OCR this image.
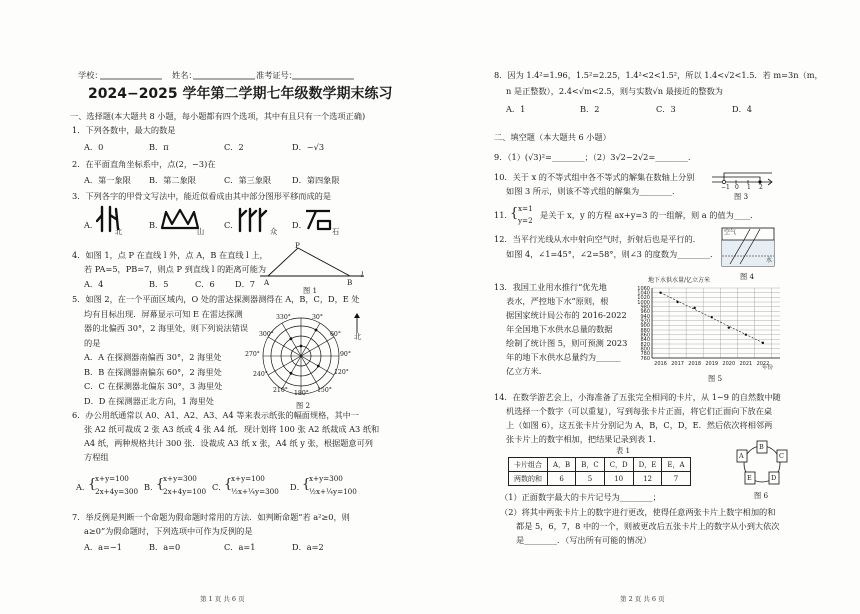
学校：	姓名：	准考证号：
2024−2025 学年第二学期七年级数学期末练习
一、选择题(本大题共 8 小题，每小题都有四个选项，其中有且只有一个选项正确)
1．下列各数中，最大的数是
A．0	B．π	C．2	D．−√3
2．在平面直角坐标系中，点(2，−3)在
A．第一象限 B．第二象限	C．第三象限	D．第四象限
3．下列各字的甲骨文写法中，能近似看成由其中部分图形平移而成的是
A．
北
B．
山
C．
众
D．
石
4．如图 1，点 P 在直线 l 外，点 A，B 在直线 l 上，
若 PA=5，PB=7，则点 P 到直线 l 的距离可能为
A．4	B．5	C．6 D．7
P
A	B
l
图 1
5．如图 2，在一个平面区域内，O 处的雷达探测器测得在 A，B，C，D，E 处
均有目标出现．屏幕显示可知 E 在雷达探测
器的北偏西 30°，2 海里处，则下列说法错误
的是
A．A 在探测器南偏西 30°，2 海里处
B．B 在探测器南偏东 60°，2 海里处
C．C 在探测器北偏东 30°，3 海里处
D．D 在探测器正北方向，1 海里处
330°	30°
60°
300°
270°	90°
240°	120°
210° 180° 150°
北
图 2
6．办公用纸通常以 A0、A1、A2、A3、A4 等来表示纸张的幅面规格，其中一
张 A2 纸可裁成 2 张 A3 纸或 4 张 A4 纸．现计划将 100 张 A2 纸裁成 A3 纸和
A4 纸，两种规格共计 300 张．设裁成 A3 纸 x 张，A4 纸 y 张，根据题意可列
方程组
A．
{
x+y=100
2x+4y=300 B．
{
x+y=300
2x+4y=100 C．
{
x+y=100
½x+¼y=300 D．
{
x+y=300
½x+¼y=100
7．举反例是判断一个命题为假命题时常用的方法．如判断命题“若 a²≥0，则
a≥0”为假命题时，下列选项中可作为反例的是
A．a=−1	B．a=0	C．a=1	D．a=2
第 1 页 共 6 页
8．因为 1.4²=1.96，1.5²=2.25，1.4²<2<1.5²，所以 1.4<√2<1.5．若 m=3n（m，
n 是正整数），2.4<√m<2.5，则与实数√n 最接近的整数为
A．1	B．2	C．3	D．4
二、填空题（本大题共 6 小题）
9．（1）(√3)²=________；（2）3√2−2√2=________．
10．关于 x 的不等式组中各不等式的解集在数轴上分别
如图 3 所示，则该不等式组的解集为________．	−1 0 1 2
图 3
11．
{ x=1
y=2
是关于 x，y 的方程 ax+y=3 的一组解，则 a 的值为____．
12．当平行光线从水中射向空气时，折射后也是平行的．
如图 4，∠1=45°，∠2=58°，则∠3 的度数为________．
空气
水
图 4
13．我国工业用水推行“优先地
表水，严控地下水”原则，根
据国家统计局公布的 2016-2022
年全国地下水供水总量的数据
绘制了统计图 5，则可预测 2023
年的地下水供水总量约为______
亿立方米．
地下水供水量/亿立方米
760
780
800
820
840
860
880
900
920
940
960
980
1000
1020
1040
1060
2016 2017 2018 2019 2020 2021 2022
年份
图 5
14．在数学游艺会上，小海准备了五张完全相同的卡片，从 1∼9 的自然数中随
机选择一个数字（可以重复），写到每张卡片正面，将它们正面向下放在桌
上（如图 6），这五张卡片分别记为 A，B，C，D，E．然后依次将相邻两
张卡片上的数字相加，把结果记录到表 1．
表 1
卡片组合	A，B	B，C	C，D	D，E	E，A
两数的和	6	5	10	12	7
A
B
C
D
E
图 6
（1）正面数字最大的卡片记号为________；
（2）将其中两张卡片上的数字进行更改，使得任意两张卡片上数字相加的和
都是 5，6，7，8 中的一个，则被更改后五张卡片上的数字从小到大依次
是________．（写出所有可能的情况）
第 2 页 共 6 页
